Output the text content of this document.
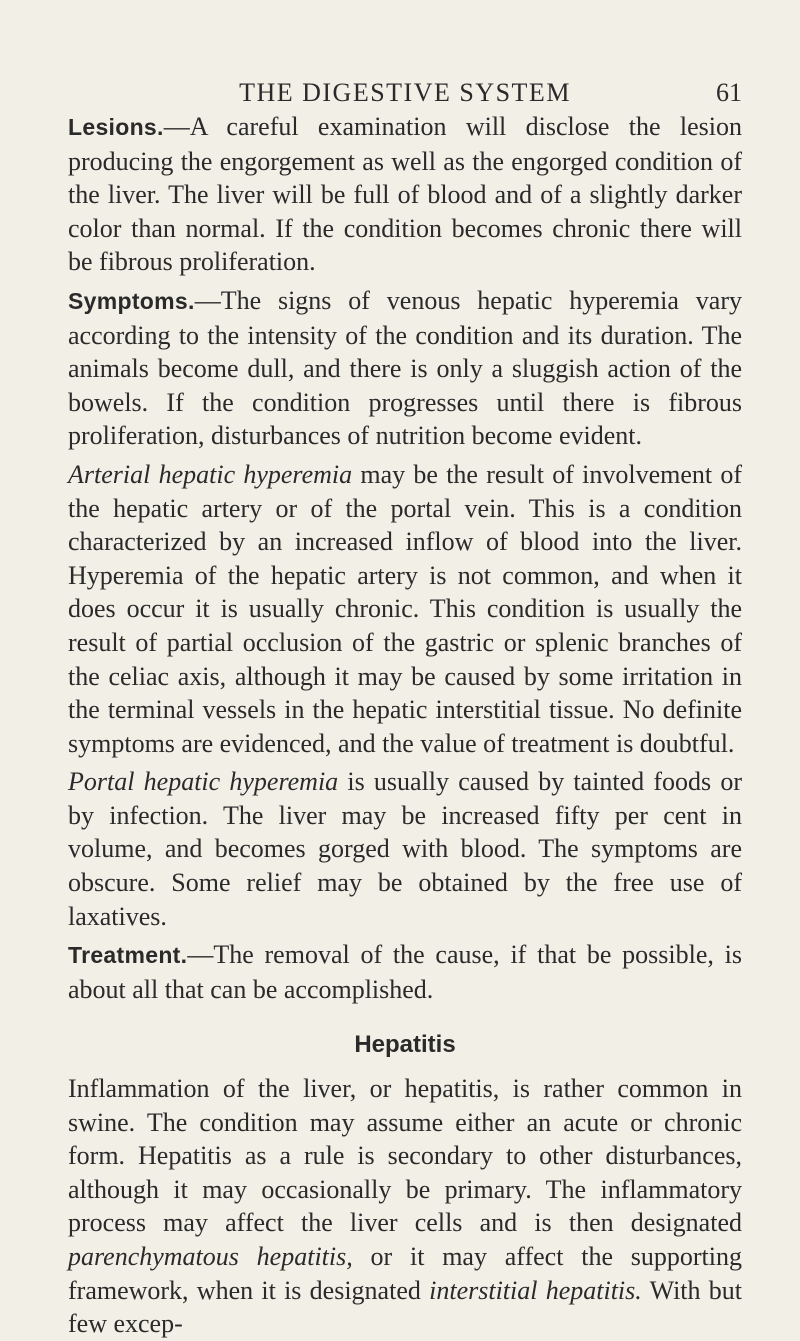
THE DIGESTIVE SYSTEM	61

Lesions.—A careful examination will disclose the lesion producing the engorgement as well as the engorged condition of the liver. The liver will be full of blood and of a slightly darker color than normal. If the condition becomes chronic there will be fibrous proliferation.

Symptoms.—The signs of venous hepatic hyperemia vary according to the intensity of the condition and its duration. The animals become dull, and there is only a sluggish action of the bowels. If the condition progresses until there is fibrous proliferation, disturbances of nutrition become evident.

Arterial hepatic hyperemia may be the result of involvement of the hepatic artery or of the portal vein. This is a condition characterized by an increased inflow of blood into the liver. Hyperemia of the hepatic artery is not common, and when it does occur it is usually chronic. This condition is usually the result of partial occlusion of the gastric or splenic branches of the celiac axis, although it may be caused by some irritation in the terminal vessels in the hepatic interstitial tissue. No definite symptoms are evidenced, and the value of treatment is doubtful.

Portal hepatic hyperemia is usually caused by tainted foods or by infection. The liver may be increased fifty per cent in volume, and becomes gorged with blood. The symptoms are obscure. Some relief may be obtained by the free use of laxatives.

Treatment.—The removal of the cause, if that be possible, is about all that can be accomplished.

Hepatitis

Inflammation of the liver, or hepatitis, is rather common in swine. The condition may assume either an acute or chronic form. Hepatitis as a rule is secondary to other disturbances, although it may occasionally be primary. The inflammatory process may affect the liver cells and is then designated parenchymatous hepatitis, or it may affect the supporting framework, when it is designated interstitial hepatitis. With but few excep-
